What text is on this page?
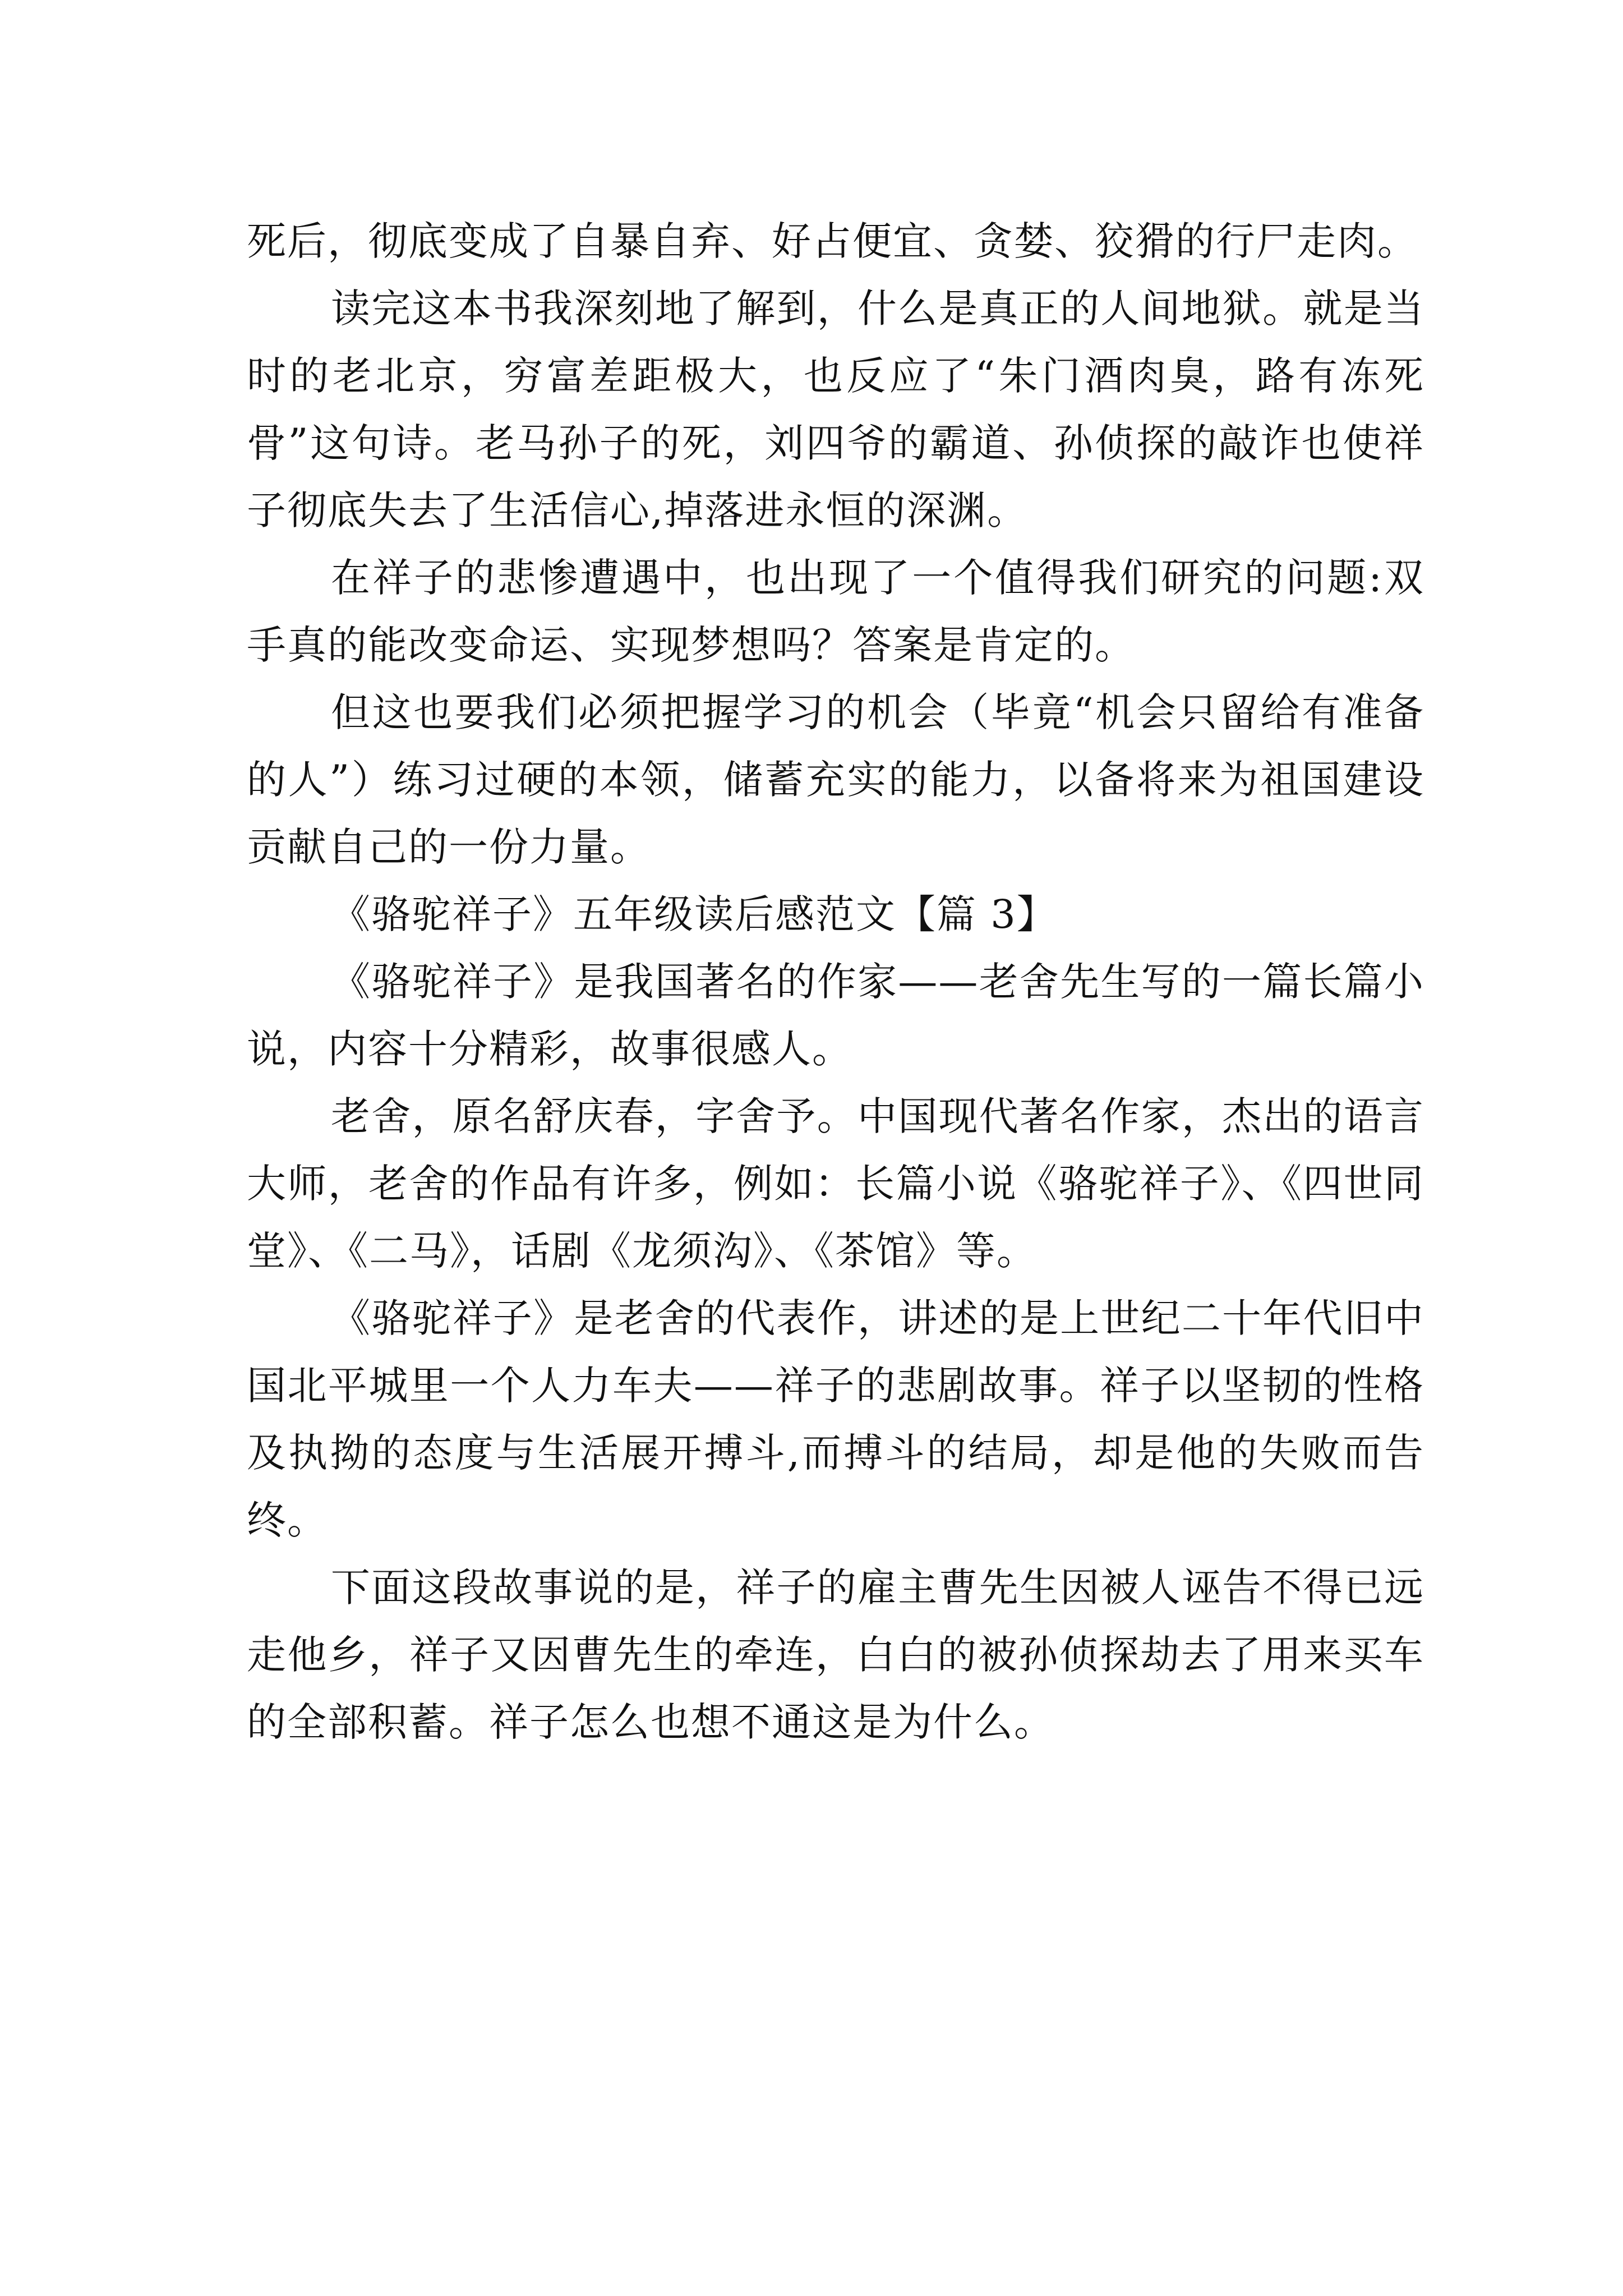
死后，彻底变成了自暴自弃、好占便宜、贪婪、狡猾的行尸走肉。

读完这本书我深刻地了解到，什么是真正的人间地狱。就是当时的老北京，穷富差距极大，也反应了“朱门酒肉臭，路有冻死骨”这句诗。老马孙子的死，刘四爷的霸道、孙侦探的敲诈也使祥子彻底失去了生活信心,掉落进永恒的深渊。

在祥子的悲惨遭遇中，也出现了一个值得我们研究的问题:双手真的能改变命运、实现梦想吗？答案是肯定的。

但这也要我们必须把握学习的机会（毕竟“机会只留给有准备的人”）练习过硬的本领，储蓄充实的能力，以备将来为祖国建设贡献自己的一份力量。

《骆驼祥子》五年级读后感范文【篇 3】

《骆驼祥子》是我国著名的作家——老舍先生写的一篇长篇小说，内容十分精彩，故事很感人。

老舍，原名舒庆春，字舍予。中国现代著名作家，杰出的语言大师，老舍的作品有许多，例如：长篇小说《骆驼祥子》、《四世同堂》、《二马》，话剧《龙须沟》、《茶馆》等。

《骆驼祥子》是老舍的代表作，讲述的是上世纪二十年代旧中国北平城里一个人力车夫——祥子的悲剧故事。祥子以坚韧的性格及执拗的态度与生活展开搏斗,而搏斗的结局，却是他的失败而告终。

下面这段故事说的是，祥子的雇主曹先生因被人诬告不得已远走他乡，祥子又因曹先生的牵连，白白的被孙侦探劫去了用来买车的全部积蓄。祥子怎么也想不通这是为什么。
